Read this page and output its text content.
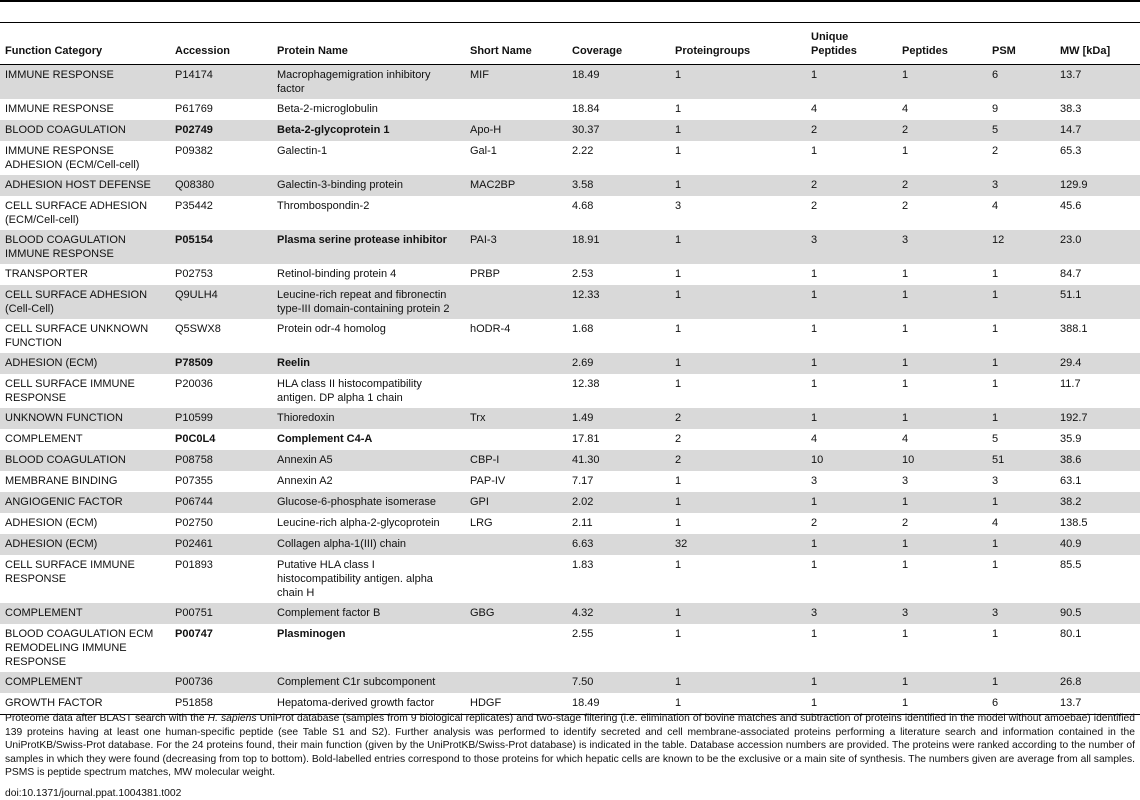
Function Category	Accession	Protein Name	Short Name	Coverage	Proteingroups	Unique Peptides	Peptides	PSM	MW [kDa]
IMMUNE RESPONSE	P14174	Macrophagemigration inhibitory factor	MIF	18.49	1	1	1	6	13.7
IMMUNE RESPONSE	P61769	Beta-2-microglobulin		18.84	1	4	4	9	38.3
BLOOD COAGULATION	P02749	Beta-2-glycoprotein 1	Apo-H	30.37	1	2	2	5	14.7
IMMUNE RESPONSE ADHESION (ECM/Cell-cell)	P09382	Galectin-1	Gal-1	2.22	1	1	1	2	65.3
ADHESION HOST DEFENSE	Q08380	Galectin-3-binding protein	MAC2BP	3.58	1	2	2	3	129.9
CELL SURFACE ADHESION (ECM/Cell-cell)	P35442	Thrombospondin-2		4.68	3	2	2	4	45.6
BLOOD COAGULATION IMMUNE RESPONSE	P05154	Plasma serine protease inhibitor	PAI-3	18.91	1	3	3	12	23.0
TRANSPORTER	P02753	Retinol-binding protein 4	PRBP	2.53	1	1	1	1	84.7
CELL SURFACE ADHESION (Cell-Cell)	Q9ULH4	Leucine-rich repeat and fibronectin type-III domain-containing protein 2		12.33	1	1	1	1	51.1
CELL SURFACE UNKNOWN FUNCTION	Q5SWX8	Protein odr-4 homolog	hODR-4	1.68	1	1	1	1	388.1
ADHESION (ECM)	P78509	Reelin		2.69	1	1	1	1	29.4
CELL SURFACE IMMUNE RESPONSE	P20036	HLA class II histocompatibility antigen. DP alpha 1 chain		12.38	1	1	1	1	11.7
UNKNOWN FUNCTION	P10599	Thioredoxin	Trx	1.49	2	1	1	1	192.7
COMPLEMENT	P0C0L4	Complement C4-A		17.81	2	4	4	5	35.9
BLOOD COAGULATION	P08758	Annexin A5	CBP-I	41.30	2	10	10	51	38.6
MEMBRANE BINDING	P07355	Annexin A2	PAP-IV	7.17	1	3	3	3	63.1
ANGIOGENIC FACTOR	P06744	Glucose-6-phosphate isomerase	GPI	2.02	1	1	1	1	38.2
ADHESION (ECM)	P02750	Leucine-rich alpha-2-glycoprotein	LRG	2.11	1	2	2	4	138.5
ADHESION (ECM)	P02461	Collagen alpha-1(III) chain		6.63	32	1	1	1	40.9
CELL SURFACE IMMUNE RESPONSE	P01893	Putative HLA class I histocompatibility antigen. alpha chain H		1.83	1	1	1	1	85.5
COMPLEMENT	P00751	Complement factor B	GBG	4.32	1	3	3	3	90.5
BLOOD COAGULATION ECM REMODELING IMMUNE RESPONSE	P00747	Plasminogen		2.55	1	1	1	1	80.1
COMPLEMENT	P00736	Complement C1r subcomponent		7.50	1	1	1	1	26.8
GROWTH FACTOR	P51858	Hepatoma-derived growth factor	HDGF	18.49	1	1	1	6	13.7
Proteome data after BLAST search with the H. sapiens UniProt database (samples from 9 biological replicates) and two-stage filtering (i.e. elimination of bovine matches and subtraction of proteins identified in the model without amoebae) identified 139 proteins having at least one human-specific peptide (see Table S1 and S2). Further analysis was performed to identify secreted and cell membrane-associated proteins performing a literature search and information contained in the UniProtKB/Swiss-Prot database. For the 24 proteins found, their main function (given by the UniProtKB/Swiss-Prot database) is indicated in the table. Database accession numbers are provided. The proteins were ranked according to the number of samples in which they were found (decreasing from top to bottom). Bold-labelled entries correspond to those proteins for which hepatic cells are known to be the exclusive or a main site of synthesis. The numbers given are average from all samples. PSMS is peptide spectrum matches, MW molecular weight.
doi:10.1371/journal.ppat.1004381.t002
